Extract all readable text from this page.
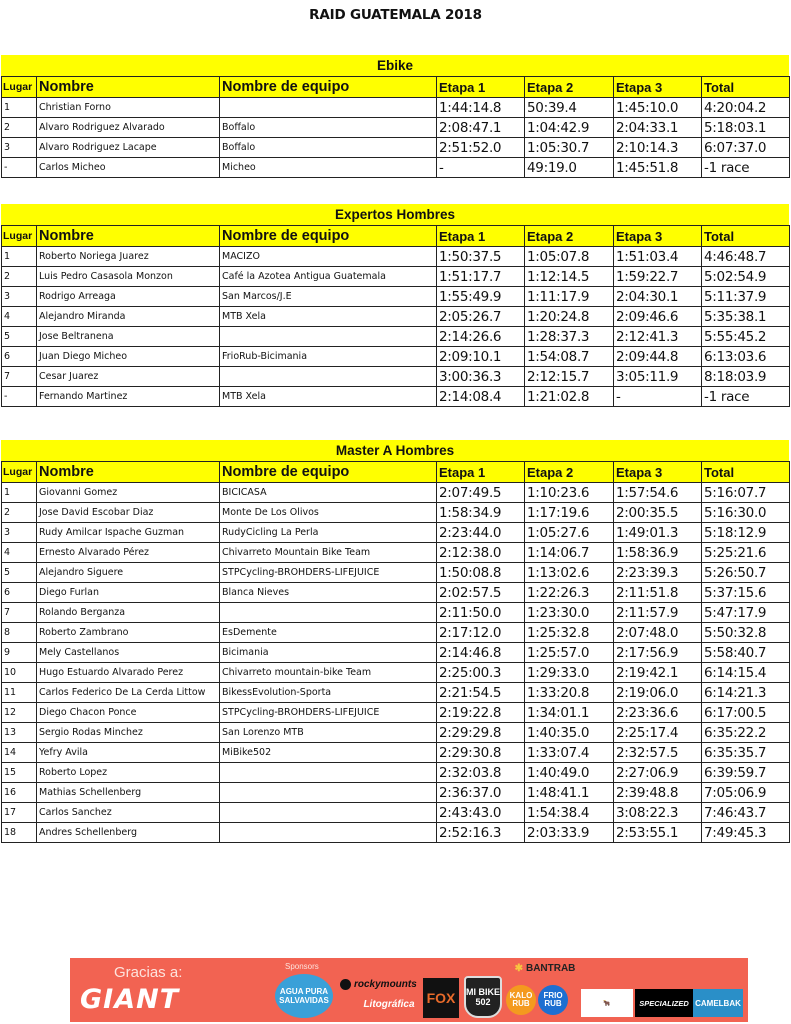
RAID GUATEMALA 2018
Ebike
Lugar	Nombre	Nombre de equipo	Etapa 1	Etapa 2	Etapa 3	Total
1	Christian Forno		1:44:14.8	50:39.4	1:45:10.0	4:20:04.2
2	Alvaro Rodriguez Alvarado	Boffalo	2:08:47.1	1:04:42.9	2:04:33.1	5:18:03.1
3	Alvaro Rodriguez Lacape	Boffalo	2:51:52.0	1:05:30.7	2:10:14.3	6:07:37.0
-	Carlos Micheo	Micheo	-	49:19.0	1:45:51.8	-1 race
Expertos Hombres
Lugar	Nombre	Nombre de equipo	Etapa 1	Etapa 2	Etapa 3	Total
1	Roberto Noriega Juarez	MACIZO	1:50:37.5	1:05:07.8	1:51:03.4	4:46:48.7
2	Luis Pedro Casasola Monzon	Café la Azotea Antigua Guatemala	1:51:17.7	1:12:14.5	1:59:22.7	5:02:54.9
3	Rodrigo Arreaga	San Marcos/J.E	1:55:49.9	1:11:17.9	2:04:30.1	5:11:37.9
4	Alejandro Miranda	MTB Xela	2:05:26.7	1:20:24.8	2:09:46.6	5:35:38.1
5	Jose Beltranena		2:14:26.6	1:28:37.3	2:12:41.3	5:55:45.2
6	Juan Diego Micheo	FrioRub-Bicimania	2:09:10.1	1:54:08.7	2:09:44.8	6:13:03.6
7	Cesar Juarez		3:00:36.3	2:12:15.7	3:05:11.9	8:18:03.9
-	Fernando Martinez	MTB Xela	2:14:08.4	1:21:02.8	-	-1 race
Master A Hombres
Lugar	Nombre	Nombre de equipo	Etapa 1	Etapa 2	Etapa 3	Total
1	Giovanni Gomez	BICICASA	2:07:49.5	1:10:23.6	1:57:54.6	5:16:07.7
2	Jose David Escobar Diaz	Monte De Los Olivos	1:58:34.9	1:17:19.6	2:00:35.5	5:16:30.0
3	Rudy Amilcar Ispache Guzman	RudyCicling La Perla	2:23:44.0	1:05:27.6	1:49:01.3	5:18:12.9
4	Ernesto Alvarado Pérez	Chivarreto Mountain Bike Team	2:12:38.0	1:14:06.7	1:58:36.9	5:25:21.6
5	Alejandro Siguere	STPCycling-BROHDERS-LIFEJUICE	1:50:08.8	1:13:02.6	2:23:39.3	5:26:50.7
6	Diego Furlan	Blanca Nieves	2:02:57.5	1:22:26.3	2:11:51.8	5:37:15.6
7	Rolando Berganza		2:11:50.0	1:23:30.0	2:11:57.9	5:47:17.9
8	Roberto Zambrano	EsDemente	2:17:12.0	1:25:32.8	2:07:48.0	5:50:32.8
9	Mely Castellanos	Bicimania	2:14:46.8	1:25:57.0	2:17:56.9	5:58:40.7
10	Hugo Estuardo Alvarado Perez	Chivarreto mountain-bike Team	2:25:00.3	1:29:33.0	2:19:42.1	6:14:15.4
11	Carlos Federico De La Cerda Littow	BikessEvolution-Sporta	2:21:54.5	1:33:20.8	2:19:06.0	6:14:21.3
12	Diego Chacon Ponce	STPCycling-BROHDERS-LIFEJUICE	2:19:22.8	1:34:01.1	2:23:36.6	6:17:00.5
13	Sergio Rodas Minchez	San Lorenzo MTB	2:29:29.8	1:40:35.0	2:25:17.4	6:35:22.2
14	Yefry Avila	MiBike502	2:29:30.8	1:33:07.4	2:32:57.5	6:35:35.7
15	Roberto Lopez		2:32:03.8	1:40:49.0	2:27:06.9	6:39:59.7
16	Mathias Schellenberg		2:36:37.0	1:48:41.1	2:39:48.8	7:05:06.9
17	Carlos Sanchez		2:43:43.0	1:54:38.4	3:08:22.3	7:46:43.7
18	Andres Schellenberg		2:52:16.3	2:03:33.9	2:53:55.1	7:49:45.3
Gracias a:
GIANT
Sponsors
AGUA PURA SALVAVIDAS
rockymounts
Litográfica FOX	MI BIKE 502
✱ BANTRAB
KALO RUB
FRIO RUB	🐂	SPECIALIZED CAMELBAK
